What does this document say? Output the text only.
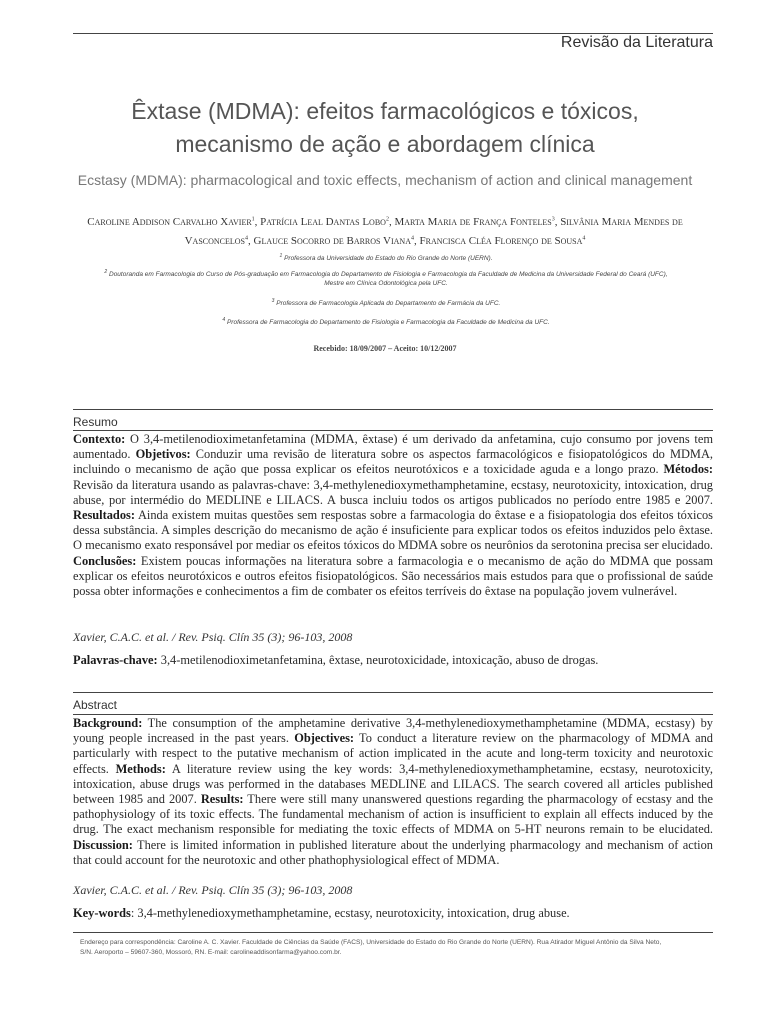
Revisão da Literatura
Êxtase (MDMA): efeitos farmacológicos e tóxicos,
mecanismo de ação e abordagem clínica
Ecstasy (MDMA): pharmacological and toxic effects, mechanism of action and clinical management
Caroline Addison Carvalho Xavier$^1$, Patrícia Leal Dantas Lobo$^2$, Marta Maria de França Fonteles$^3$, Silvânia Maria Mendes de Vasconcelos$^4$, Glauce Socorro de Barros Viana$^4$, Francisca Cléa Florenço de Sousa$^4$
$^1$ Professora da Universidade do Estado do Rio Grande do Norte (UERN).
$^2$ Doutoranda em Farmacologia do Curso de Pós-graduação em Farmacologia do Departamento de Fisiologia e Farmacologia da Faculdade de Medicina da Universidade Federal do Ceará (UFC),
Mestre em Clínica Odontológica pela UFC.
$^3$ Professora de Farmacologia Aplicada do Departamento de Farmácia da UFC.
$^4$ Professora de Farmacologia do Departamento de Fisiologia e Farmacologia da Faculdade de Medicina da UFC.
Recebido: 18/09/2007 – Aceito: 10/12/2007
Resumo
Contexto: O 3,4-metilenodioximetanfetamina (MDMA, êxtase) é um derivado da anfetamina, cujo consumo por jovens tem aumentado. Objetivos: Conduzir uma revisão de literatura sobre os aspectos farmacológicos e fisiopatológicos do MDMA, incluindo o mecanismo de ação que possa explicar os efeitos neurotóxicos e a toxicidade aguda e a longo prazo. Métodos: Revisão da literatura usando as palavras-chave: 3,4-methylenedioxymethamphetamine, ecstasy, neurotoxicity, intoxication, drug abuse, por intermédio do MEDLINE e LILACS. A busca incluiu todos os artigos publicados no período entre 1985 e 2007. Resultados: Ainda existem muitas questões sem respostas sobre a farmacologia do êxtase e a fisiopatologia dos efeitos tóxicos dessa substância. A simples descrição do mecanismo de ação é insuficiente para explicar todos os efeitos induzidos pelo êxtase. O mecanismo exato responsável por mediar os efeitos tóxicos do MDMA sobre os neurônios da serotonina precisa ser elucidado. Conclusões: Existem poucas informações na literatura sobre a farmacologia e o mecanismo de ação do MDMA que possam explicar os efeitos neurotóxicos e outros efeitos fisiopatológicos. São necessários mais estudos para que o profissional de saúde possa obter informações e conhecimentos a fim de combater os efeitos terríveis do êxtase na população jovem vulnerável.
Xavier, C.A.C. et al. / Rev. Psiq. Clín 35 (3); 96-103, 2008
Palavras-chave: 3,4-metilenodioximetanfetamina, êxtase, neurotoxicidade, intoxicação, abuso de drogas.
Abstract
Background: The consumption of the amphetamine derivative 3,4-methylenedioxymethamphetamine (MDMA, ecstasy) by young people increased in the past years. Objectives: To conduct a literature review on the pharmacology of MDMA and particularly with respect to the putative mechanism of action implicated in the acute and long-term toxicity and neurotoxic effects. Methods: A literature review using the key words: 3,4-methylenedioxymethamphetamine, ecstasy, neurotoxicity, intoxication, abuse drugs was performed in the databases MEDLINE and LILACS. The search covered all articles published between 1985 and 2007. Results: There were still many unanswered questions regarding the pharmacology of ecstasy and the pathophysiology of its toxic effects. The fundamental mechanism of action is insufficient to explain all effects induced by the drug. The exact mechanism responsible for mediating the toxic effects of MDMA on 5-HT neurons remain to be elucidated. Discussion: There is limited information in published literature about the underlying pharmacology and mechanism of action that could account for the neurotoxic and other phathophysiological effect of MDMA.
Xavier, C.A.C. et al. / Rev. Psiq. Clín 35 (3); 96-103, 2008
Key-words: 3,4-methylenedioxymethamphetamine, ecstasy, neurotoxicity, intoxication, drug abuse.
Endereço para correspondência: Caroline A. C. Xavier. Faculdade de Ciências da Saúde (FACS), Universidade do Estado do Rio Grande do Norte (UERN). Rua Atirador Miguel Antônio da Silva Neto,
S/N. Aeroporto – 59607-360, Mossoró, RN. E-mail: carolineaddisonfarma@yahoo.com.br.
